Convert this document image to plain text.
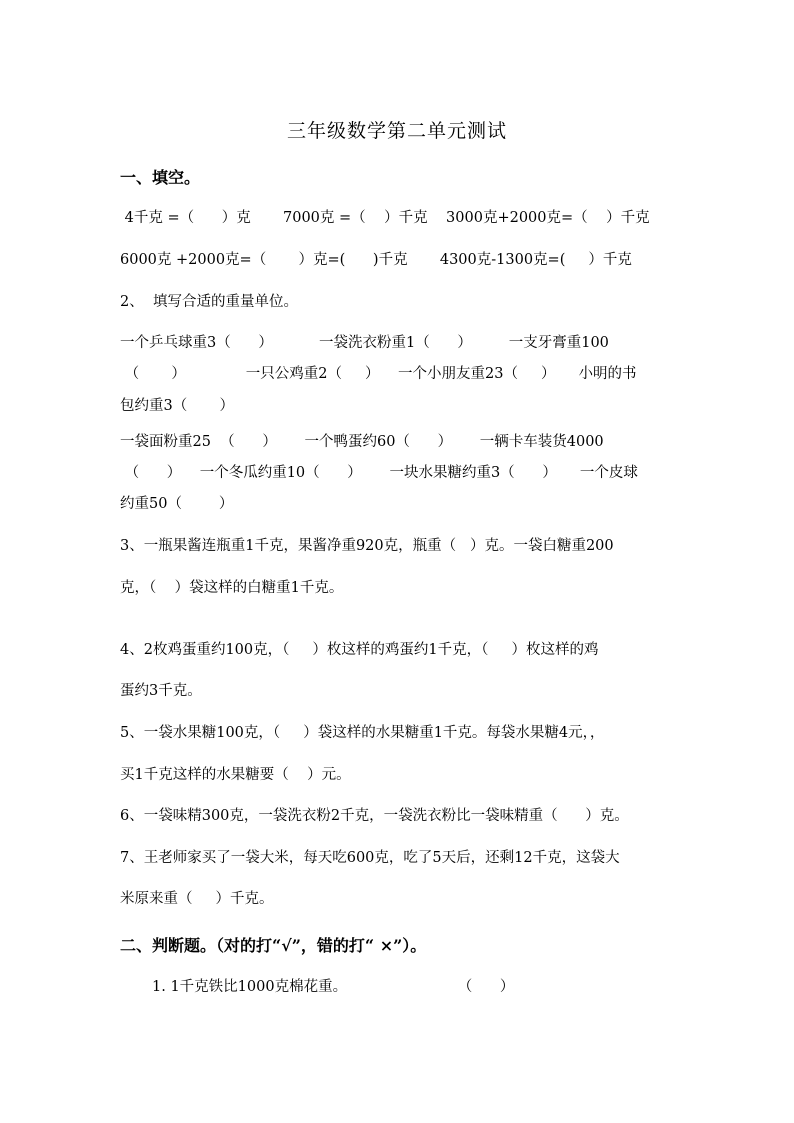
三年级数学第二单元测试
一、填空。
4千克 =（      ）克       7000克 =（    ）千克    3000克+2000克=（    ）千克
6000克 +2000克=（       ）克=(      )千克       4300克-1300克=(     ）千克
2、  填写合适的重量单位。
一个乒乓球重3（      ）          一袋洗衣粉重1（      ）        一支牙膏重100
（       ）             一只公鸡重2（     ）    一个小朋友重23（     ）     小明的书
包约重3（       ）
一袋面粉重25  （      ）      一个鸭蛋约60（      ）      一辆卡车装货4000
（      ）    一个冬瓜约重10（      ）      一块水果糖约重3（      ）     一个皮球
约重50（        ）
3、一瓶果酱连瓶重1千克，果酱净重920克，瓶重（   ）克。一袋白糖重200
克，（    ）袋这样的白糖重1千克。
4、2枚鸡蛋重约100克，（     ）枚这样的鸡蛋约1千克，（     ）枚这样的鸡
蛋约3千克。
5、一袋水果糖100克，（     ）袋这样的水果糖重1千克。每袋水果糖4元，，
买1千克这样的水果糖要（    ）元。
6、一袋味精300克，一袋洗衣粉2千克，一袋洗衣粉比一袋味精重（      ）克。
7、王老师家买了一袋大米，每天吃600克，吃了5天后，还剩12千克，这袋大
米原来重（     ）千克。
二、判断题。（对的打“√”，错的打“ ×”）。
1. 1千克铁比1000克棉花重。                        （      ）
